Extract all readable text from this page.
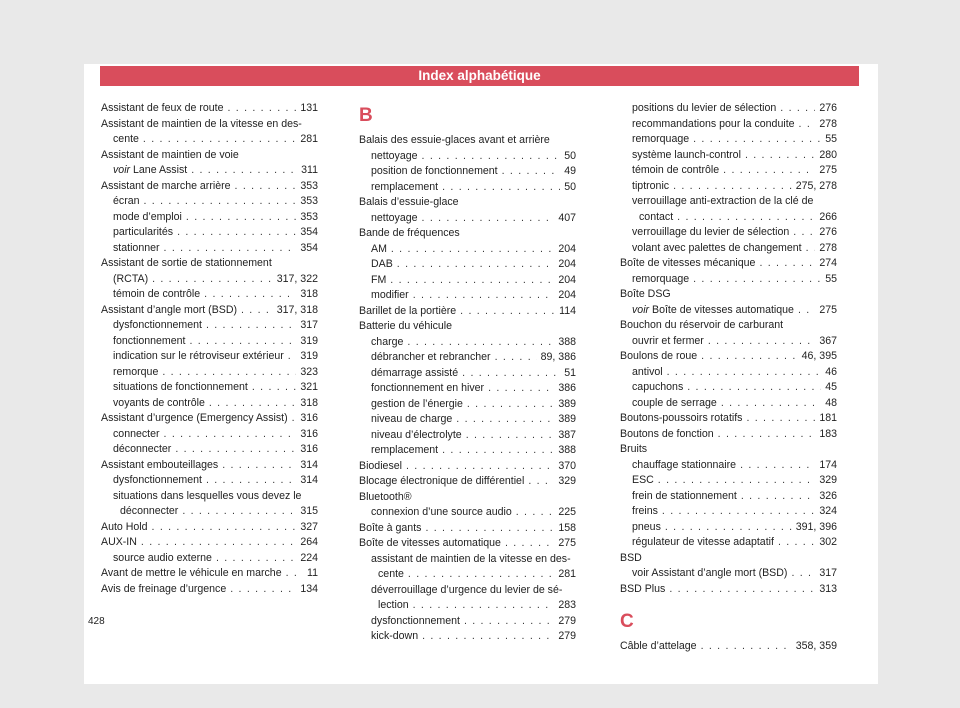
Index alphabétique
Assistant de feux de route . . .	131
Assistant de maintien de la vitesse en des-
cente . . .	281
Assistant de maintien de voie
voir Lane Assist . . .	311
Assistant de marche arrière . . .	353
écran . . .	353
mode d’emploi . . .	353
particularités . . .	354
stationner . . .	354
Assistant de sortie de stationnement
(RCTA) . . .	317, 322
témoin de contrôle . . .	318
Assistant d’angle mort (BSD) . . .	317, 318
dysfonctionnement . . .	317
fonctionnement . . .	319
indication sur le rétroviseur extérieur . . . 319
remorque . . .	323
situations de fonctionnement . . .	321
voyants de contrôle . . .	318
Assistant d’urgence (Emergency Assist) . . . 316
connecter . . .	316
déconnecter . . .	316
Assistant embouteillages . . .	314
dysfonctionnement . . .	314
situations dans lesquelles vous devez le
déconnecter . . .	315
Auto Hold . . .	327
AUX-IN . . .	264
source audio externe . . .	224
Avant de mettre le véhicule en marche . . . 11
Avis de freinage d’urgence . . .	134
B
Balais des essuie-glaces avant et arrière
nettoyage . . .	50
position de fonctionnement . . .	49
remplacement . . .	50
Balais d’essuie-glace
nettoyage . . .	407
Bande de fréquences
AM . . .	204
DAB . . .	204
FM . . .	204
modifier . . .	204
Barillet de la portière . . .	114
Batterie du véhicule
charge . . .	388
débrancher et rebrancher . . .	89, 386
démarrage assisté . . .	51
fonctionnement en hiver . . .	386
gestion de l’énergie . . .	389
niveau de charge . . .	389
niveau d’électrolyte . . .	387
remplacement . . .	388
Biodiesel . . .	370
Blocage électronique de différentiel . . .	329
Bluetooth®
connexion d’une source audio . . .	225
Boîte à gants . . .	158
Boîte de vitesses automatique . . .	275
assistant de maintien de la vitesse en des-
cente . . .	281
déverrouillage d’urgence du levier de sé-
lection . . .	283
dysfonctionnement . . .	279
kick-down . . .	279
positions du levier de sélection . . .	276
recommandations pour la conduite . . . 278
remorquage . . .	55
système launch-control . . .	280
témoin de contrôle . . .	275
tiptronic . . .	275, 278
verrouillage anti-extraction de la clé de
contact . . .	266
verrouillage du levier de sélection . . .	276
volant avec palettes de changement . . . 278
Boîte de vitesses mécanique . . .	274
remorquage . . .	55
Boîte DSG
voir Boîte de vitesses automatique . . . 275
Bouchon du réservoir de carburant
ouvrir et fermer . . .	367
Boulons de roue . . .	46, 395
antivol . . .	46
capuchons . . .	45
couple de serrage . . .	48
Boutons-poussoirs rotatifs . . .	181
Boutons de fonction . . .	183
Bruits
chauffage stationnaire . . .	174
ESC . . .	329
frein de stationnement . . .	326
freins . . .	324
pneus . . .	391, 396
régulateur de vitesse adaptatif . . .	302
BSD
voir Assistant d’angle mort (BSD) . . .	317
BSD Plus . . .	313
C
Câble d’attelage . . .	358, 359
428
